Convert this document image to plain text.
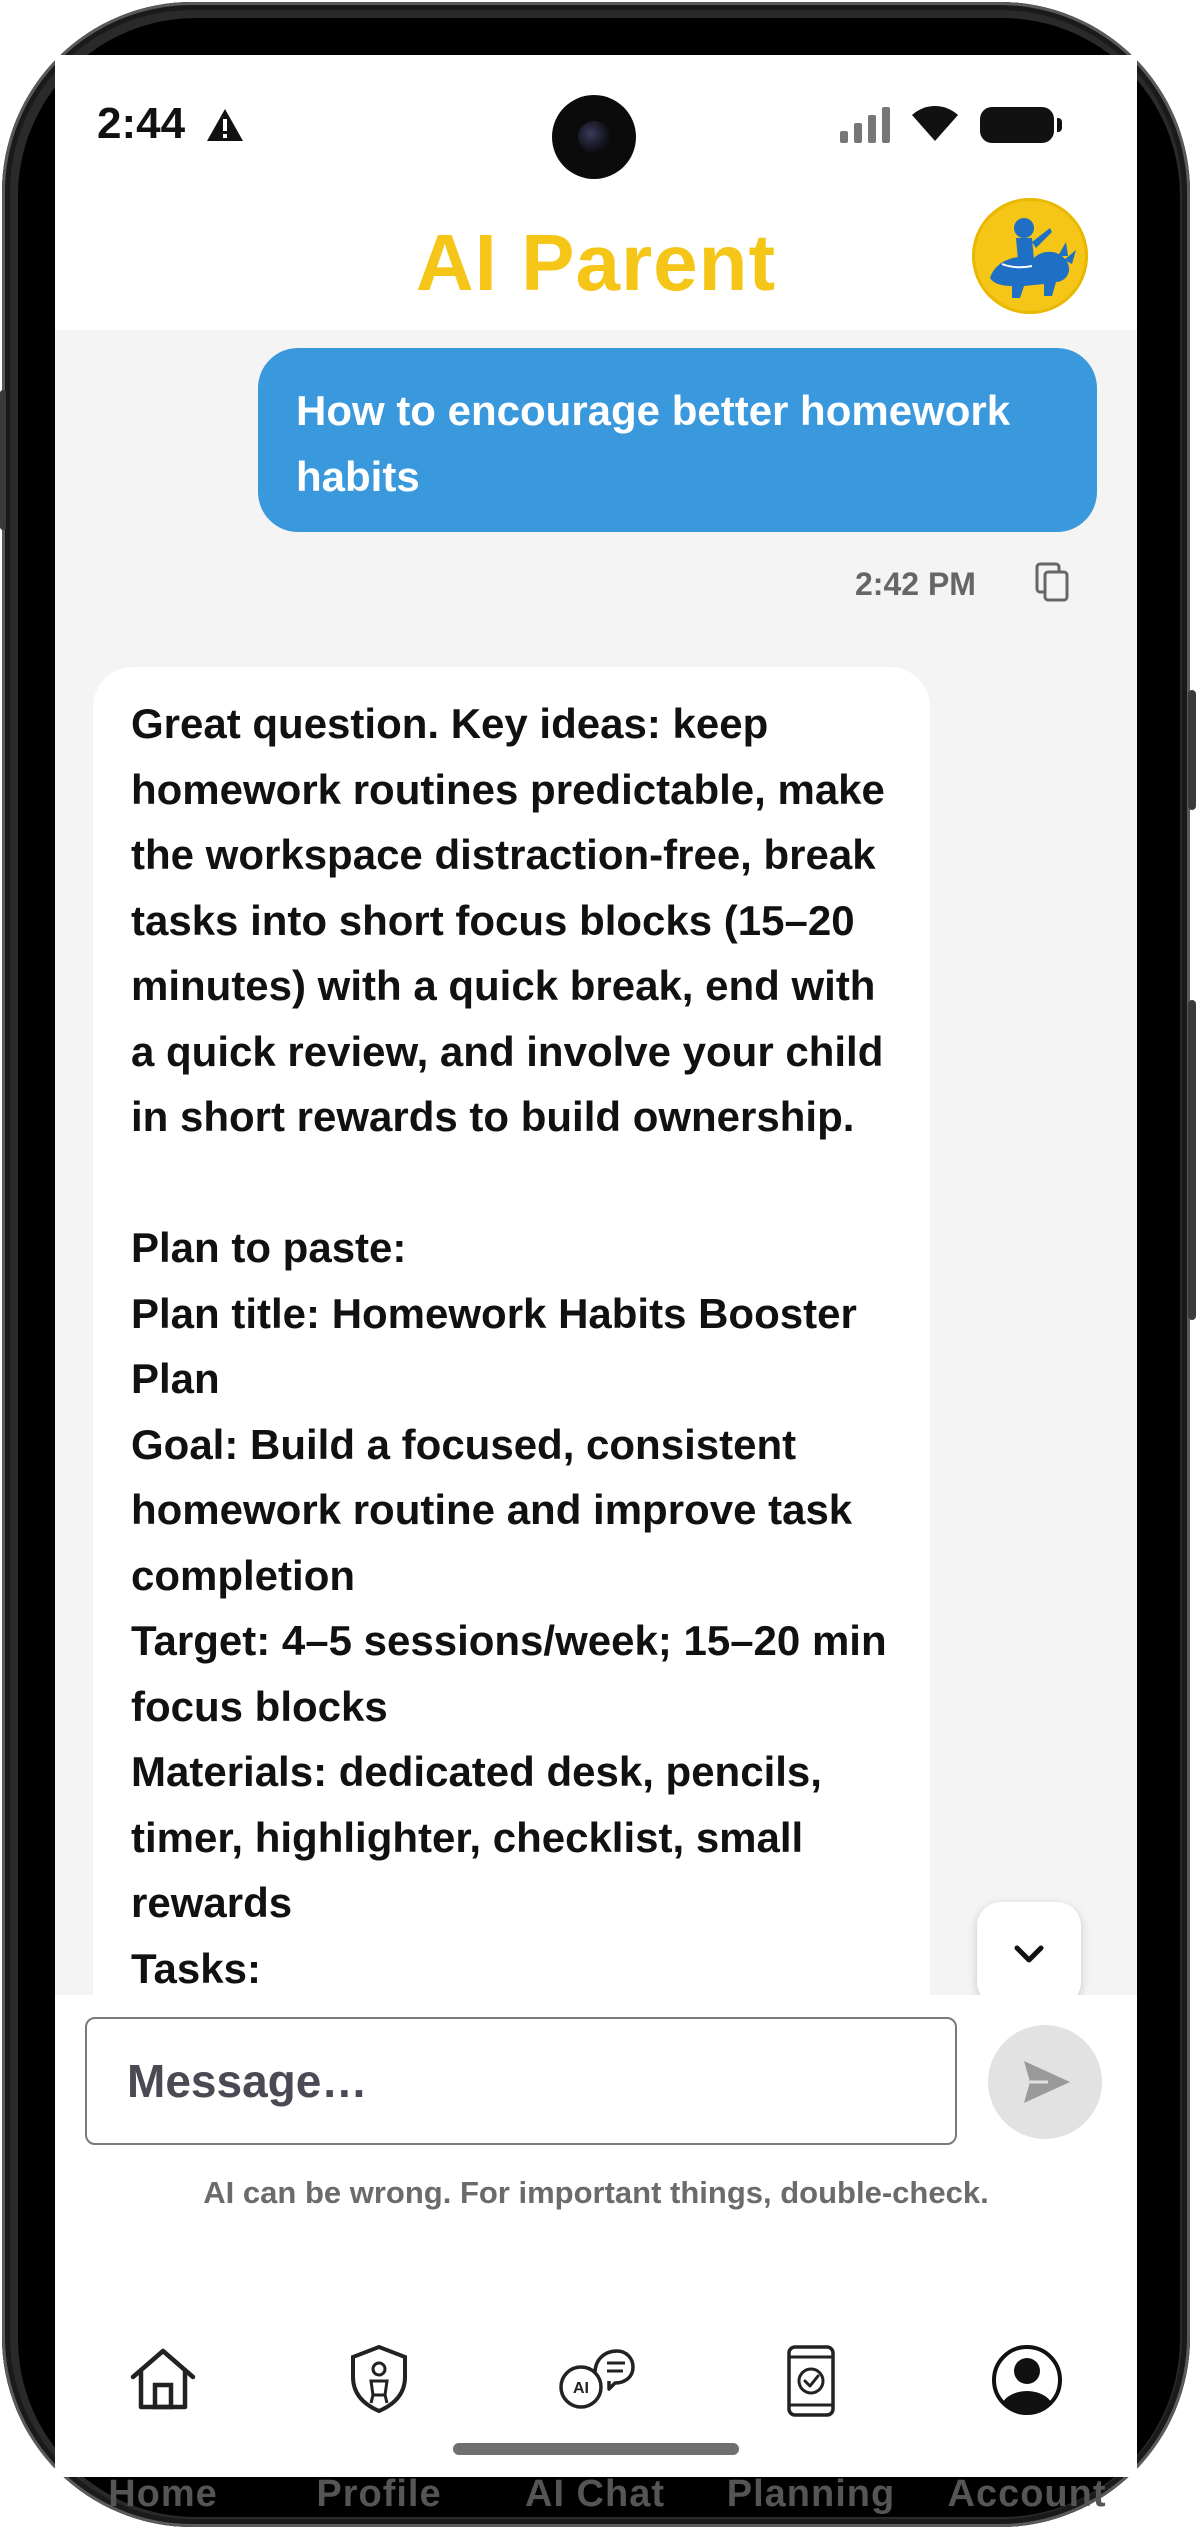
2:44
AI Parent
How to encourage better homework habits
2:42 PM
Great question. Key ideas: keep homework routines predictable, make the workspace distraction-free, break tasks into short focus blocks (15–20 minutes) with a quick break, end with a quick review, and involve your child in short rewards to build ownership.

Plan to paste:
Plan title: Homework Habits Booster Plan
Goal: Build a focused, consistent homework routine and improve task completion
Target: 4–5 sessions/week; 15–20 min focus blocks
Materials: dedicated desk, pencils, timer, highlighter, checklist, small rewards
Tasks:
Message…
AI can be wrong. For important things, double-check.
Home	Profile
AI
AI Chat	Planning	Account
